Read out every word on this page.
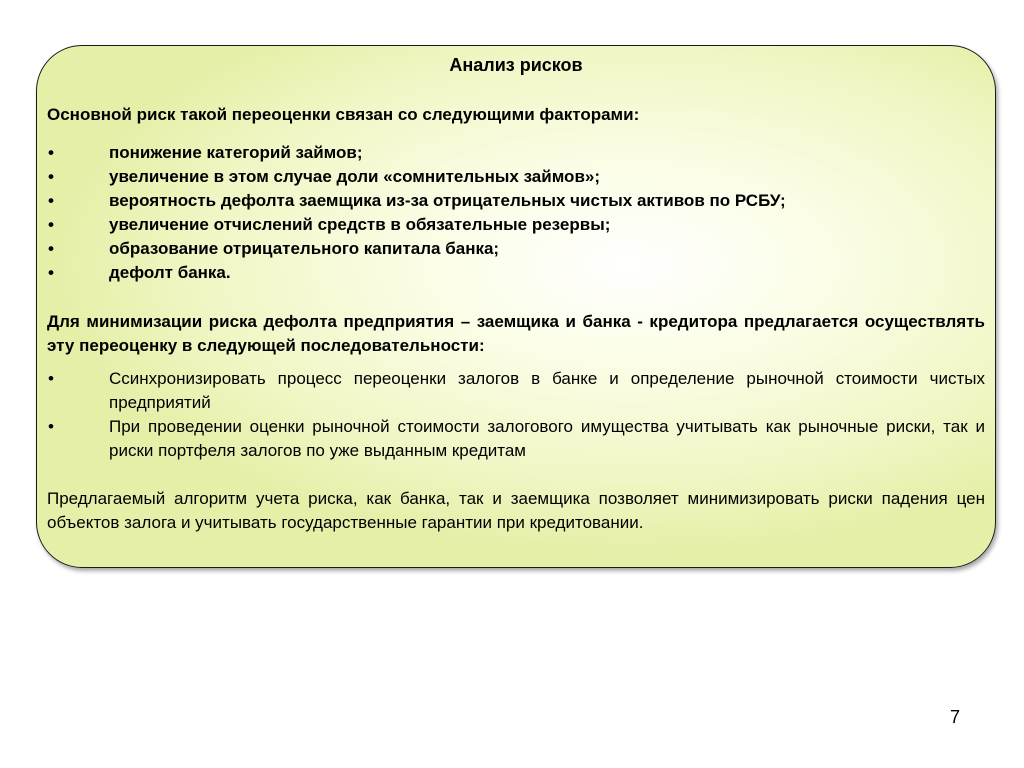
Анализ рисков
Основной риск такой переоценки связан со следующими факторами:
•	понижение категорий займов;
•	увеличение в этом случае доли «сомнительных займов»;
•	вероятность дефолта заемщика из-за отрицательных чистых активов по РСБУ;
•	увеличение отчислений средств в обязательные резервы;
•	образование отрицательного капитала банка;
•	дефолт банка.
Для минимизации риска дефолта предприятия – заемщика и банка - кредитора предлагается осуществлять эту переоценку в следующей последовательности:
•	Ссинхронизировать процесс переоценки залогов в банке и определение рыночной стоимости чистых предприятий
•	При проведении оценки рыночной стоимости залогового имущества учитывать как рыночные риски, так и риски портфеля залогов по уже выданным кредитам
Предлагаемый алгоритм учета риска, как банка, так и заемщика позволяет минимизировать риски падения цен объектов залога и учитывать государственные гарантии при кредитовании.
7
